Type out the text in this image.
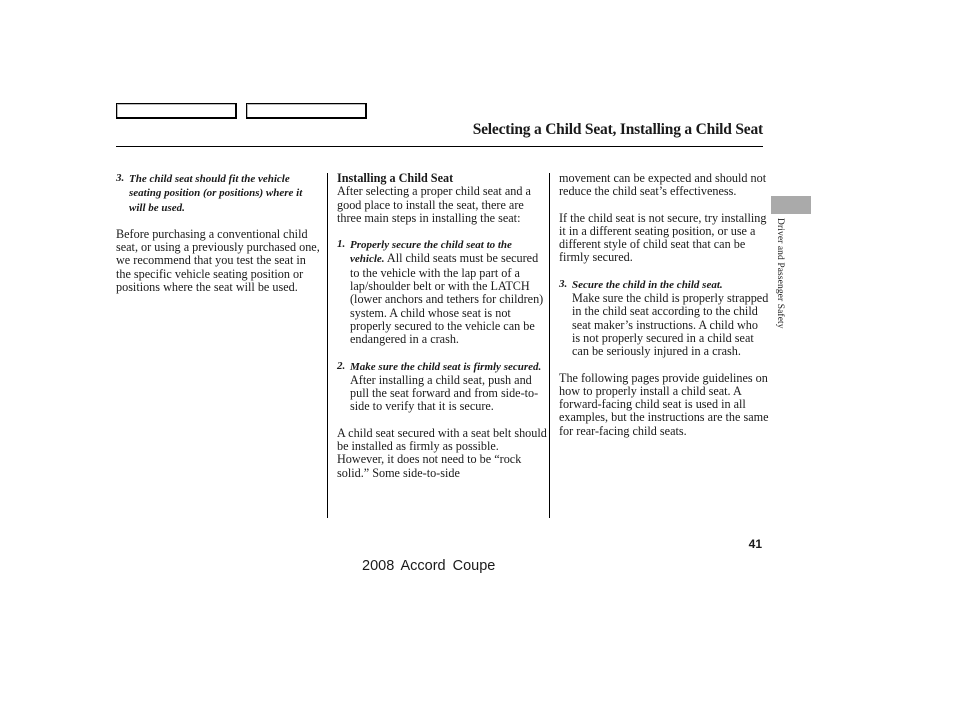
Selecting a Child Seat, Installing a Child Seat
Driver and Passenger Safety
3. The child seat should fit the vehicle seating position (or positions) where it will be used.

Before purchasing a conventional child seat, or using a previously purchased one, we recommend that you test the seat in the specific vehicle seating position or positions where the seat will be used.

Installing a Child Seat

After selecting a proper child seat and a good place to install the seat, there are three main steps in installing the seat:

1. Properly secure the child seat to the vehicle. All child seats must be secured to the vehicle with the lap part of a lap/shoulder belt or with the LATCH (lower anchors and tethers for children) system. A child whose seat is not properly secured to the vehicle can be endangered in a crash.
2. Make sure the child seat is firmly secured. After installing a child seat, push and pull the seat forward and from side-to-side to verify that it is secure.

A child seat secured with a seat belt should be installed as firmly as possible. However, it does not need to be “rock solid.” Some side-to-side

movement can be expected and should not reduce the child seat’s effectiveness.

If the child seat is not secure, try installing it in a different seating position, or use a different style of child seat that can be firmly secured.

3. Secure the child in the child seat.
Make sure the child is properly strapped in the child seat according to the child seat maker’s instructions. A child who is not properly secured in a child seat can be seriously injured in a crash.

The following pages provide guidelines on how to properly install a child seat. A forward-facing child seat is used in all examples, but the instructions are the same for rear-facing child seats.

41
2008 Accord Coupe
